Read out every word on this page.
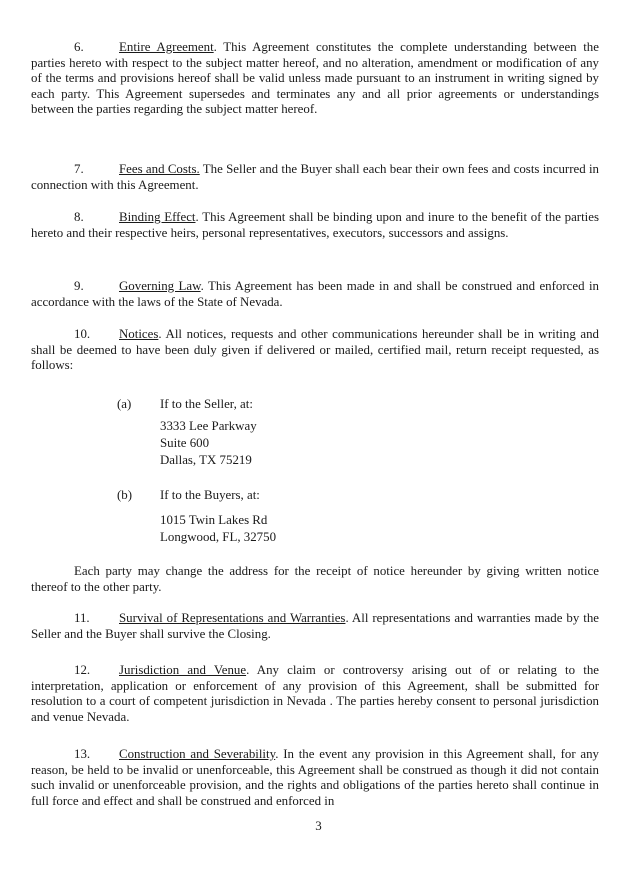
6.	Entire Agreement. This Agreement constitutes the complete understanding between the parties hereto with respect to the subject matter hereof, and no alteration, amendment or modification of any of the terms and provisions hereof shall be valid unless made pursuant to an instrument in writing signed by each party. This Agreement supersedes and terminates any and all prior agreements or understandings between the parties regarding the subject matter hereof.

7.	Fees and Costs. The Seller and the Buyer shall each bear their own fees and costs incurred in connection with this Agreement.

8.	Binding Effect. This Agreement shall be binding upon and inure to the benefit of the parties hereto and their respective heirs, personal representatives, executors, successors and assigns.

9.	Governing Law. This Agreement has been made in and shall be construed and enforced in accordance with the laws of the State of Nevada.

10. Notices. All notices, requests and other communications hereunder shall be in writing and shall be deemed to have been duly given if delivered or mailed, certified mail, return receipt requested, as follows:

(a) If to the Seller, at:
3333 Lee Parkway
Suite 600
Dallas, TX 75219
(b) If to the Buyers, at:
1015 Twin Lakes Rd
Longwood, FL, 32750

Each party may change the address for the receipt of notice hereunder by giving written notice thereof to the other party.

11. Survival of Representations and Warranties. All representations and warranties made by the Seller and the Buyer shall survive the Closing.

12. Jurisdiction and Venue. Any claim or controversy arising out of or relating to the interpretation, application or enforcement of any provision of this Agreement, shall be submitted for resolution to a court of competent jurisdiction in Nevada . The parties hereby consent to personal jurisdiction and venue Nevada.

13. Construction and Severability. In the event any provision in this Agreement shall, for any reason, be held to be invalid or unenforceable, this Agreement shall be construed as though it did not contain such invalid or unenforceable provision, and the rights and obligations of the parties hereto shall continue in full force and effect and shall be construed and enforced in

3
